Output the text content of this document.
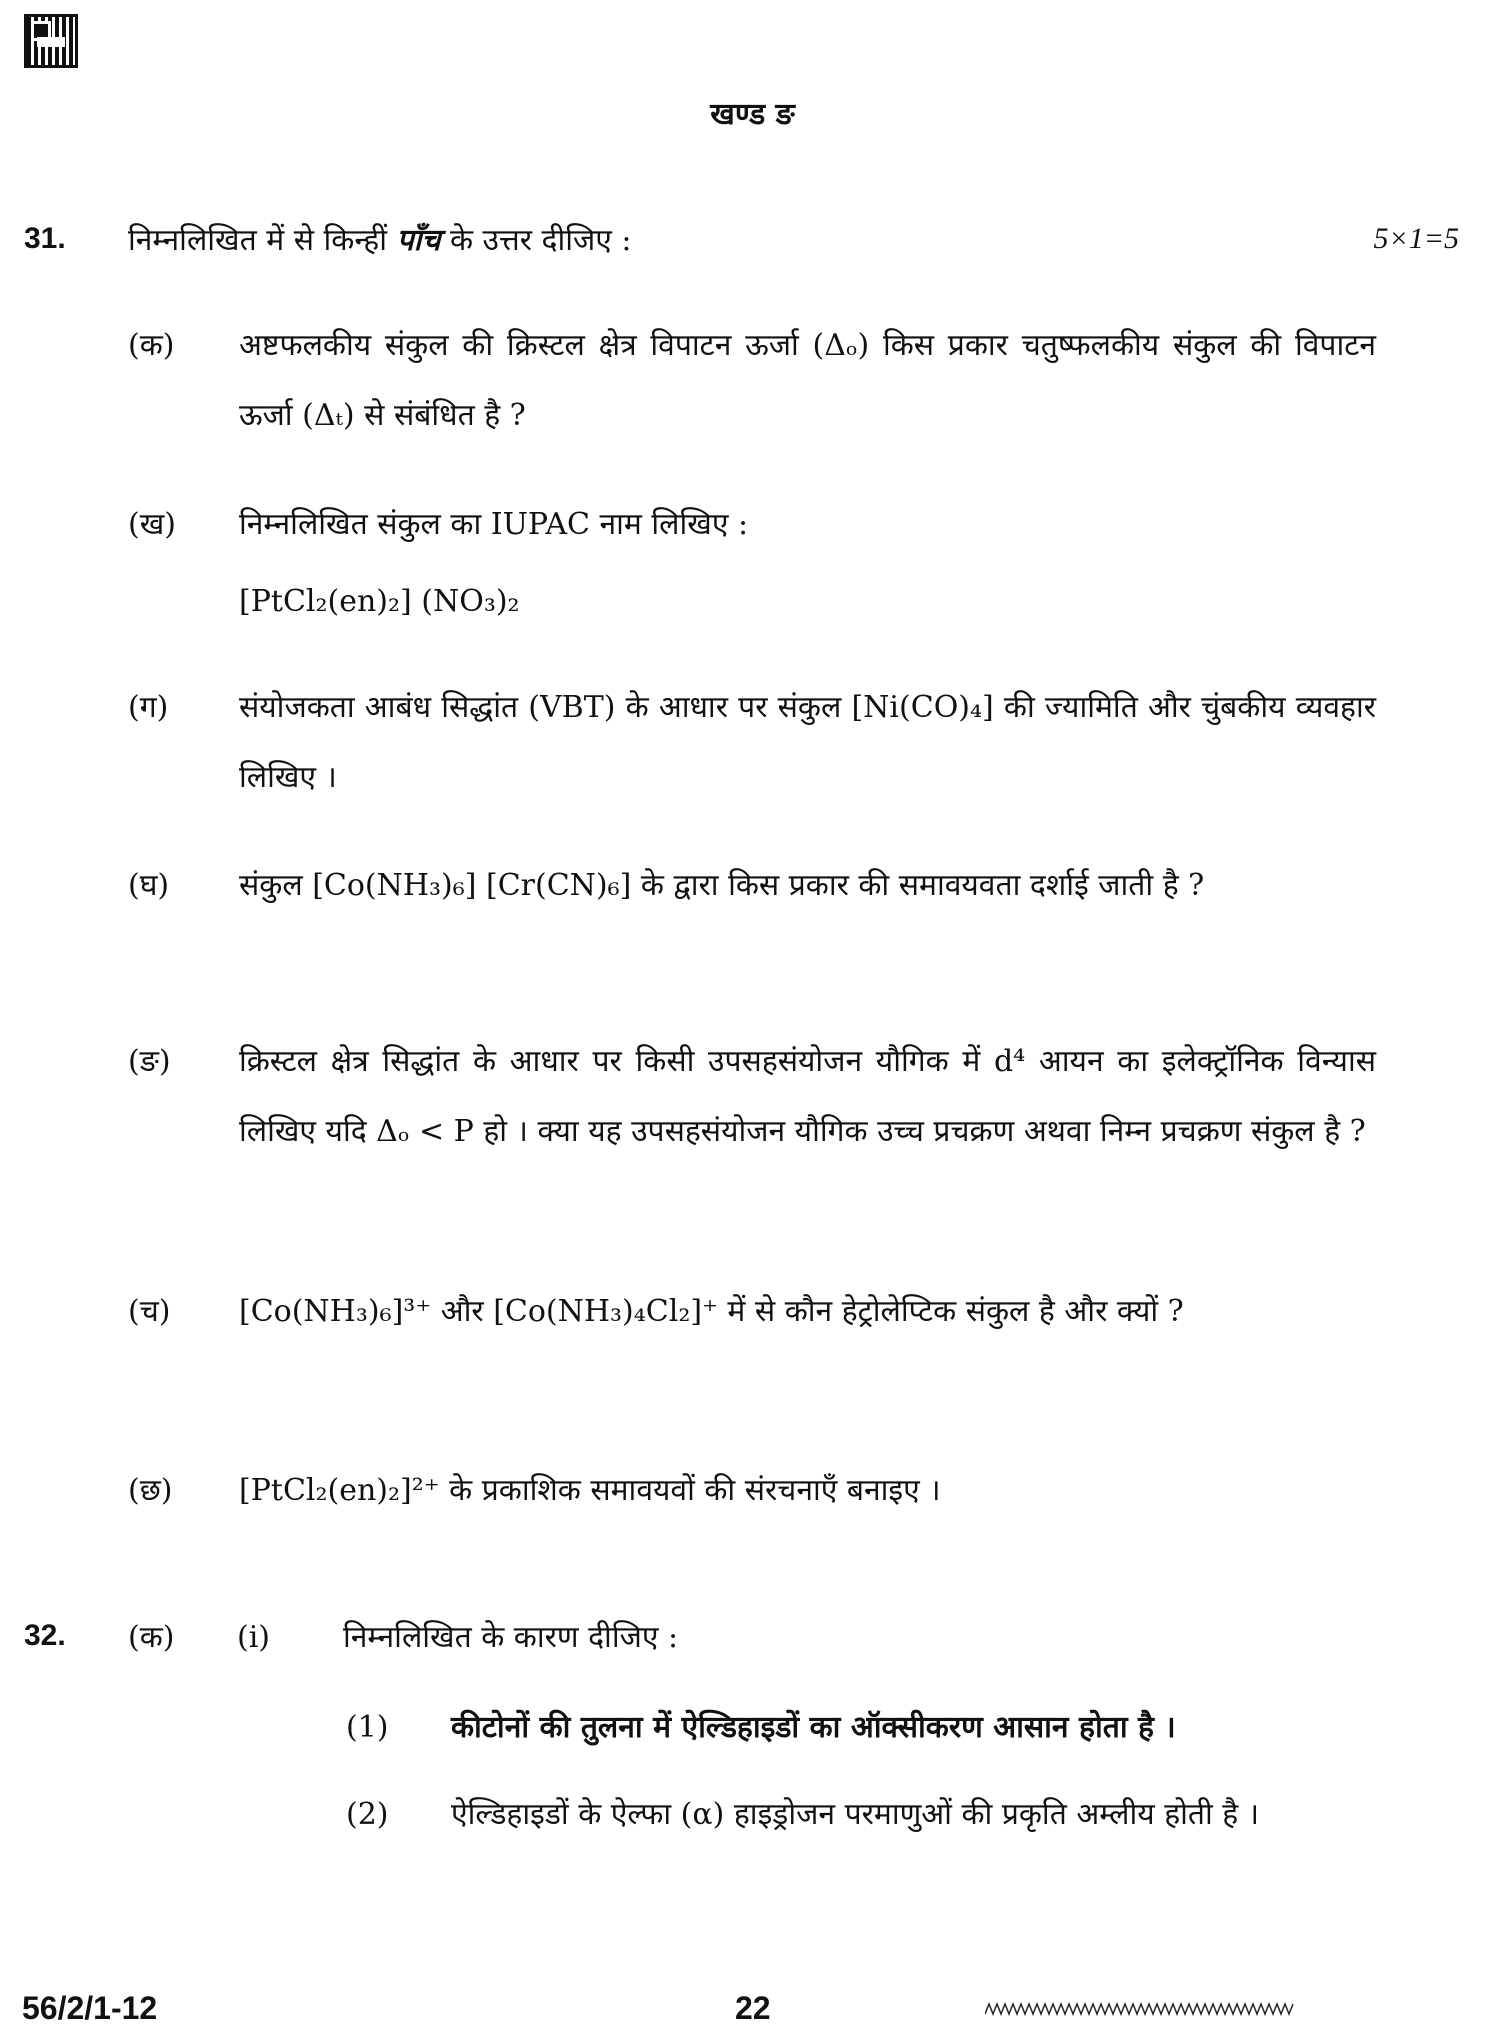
खण्ड ङ
31. निम्नलिखित में से किन्हीं पाँच के उत्तर दीजिए :	5×1=5
(क) अष्टफलकीय संकुल की क्रिस्टल क्षेत्र विपाटन ऊर्जा (Δₒ) किस प्रकार चतुष्फलकीय संकुल की विपाटन ऊर्जा (Δₜ) से संबंधित है ?
(ख) निम्नलिखित संकुल का IUPAC नाम लिखिए :
[PtCl₂(en)₂] (NO₃)₂
(ग) संयोजकता आबंध सिद्धांत (VBT) के आधार पर संकुल [Ni(CO)₄] की ज्यामिति और चुंबकीय व्यवहार लिखिए ।
(घ) संकुल [Co(NH₃)₆] [Cr(CN)₆] के द्वारा किस प्रकार की समावयवता दर्शाई जाती है ?
(ङ) क्रिस्टल क्षेत्र सिद्धांत के आधार पर किसी उपसहसंयोजन यौगिक में d⁴ आयन का इलेक्ट्रॉनिक विन्यास लिखिए यदि Δₒ < P हो । क्या यह उपसहसंयोजन यौगिक उच्च प्रचक्रण अथवा निम्न प्रचक्रण संकुल है ?
(च) [Co(NH₃)₆]³⁺ और [Co(NH₃)₄Cl₂]⁺ में से कौन हेट्रोलेप्टिक संकुल है और क्यों ?
(छ) [PtCl₂(en)₂]²⁺ के प्रकाशिक समावयवों की संरचनाएँ बनाइए ।
32. (क) (i) निम्नलिखित के कारण दीजिए :
(1) कीटोनों की तुलना में ऐल्डिहाइडों का ऑक्सीकरण आसान होता है ।
(2) ऐल्डिहाइडों के ऐल्फा (α) हाइड्रोजन परमाणुओं की प्रकृति अम्लीय होती है ।
56/2/1-12	22
